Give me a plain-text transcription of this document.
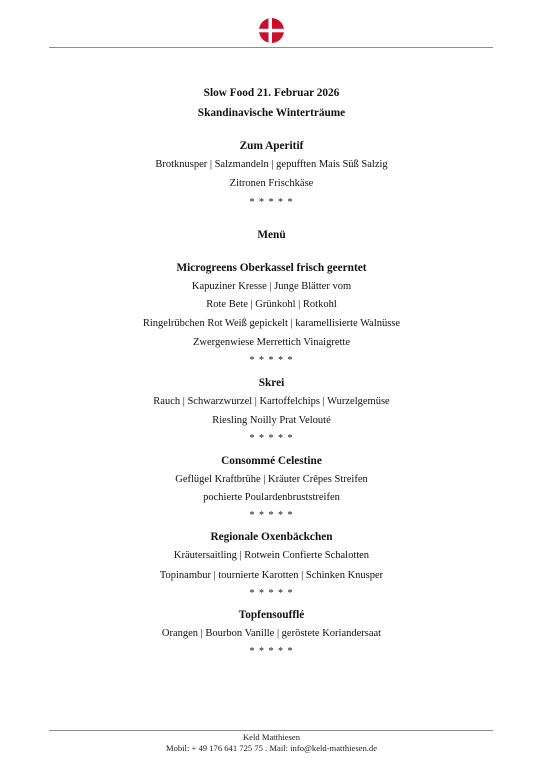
Slow Food 21. Februar 2026
Skandinavische Winterträume
Zum Aperitif
Brotknusper | Salzmandeln | gepufften Mais Süß Salzig
Zitronen Frischkäse
* * * * *
Menü
Microgreens Oberkassel frisch geerntet
Kapuziner Kresse | Junge Blätter vom
Rote Bete | Grünkohl | Rotkohl
Ringelrübchen Rot Weiß gepickelt | karamellisierte Walnüsse
Zwergenwiese Merrettich Vinaigrette
* * * * *
Skrei
Rauch | Schwarzwurzel | Kartoffelchips | Wurzelgemüse
Riesling Noilly Prat Velouté
* * * * *
Consommé Celestine
Geflügel Kraftbrühe | Kräuter Crêpes Streifen
pochierte Poulardenbruststreifen
* * * * *
Regionale Oxenbäckchen
Kräutersaitling | Rotwein Confierte Schalotten
Topinambur | tournierte Karotten | Schinken Knusper
* * * * *
Topfensoufflé
Orangen | Bourbon Vanille | geröstete Koriandersaat
* * * * *
Keld Matthiesen
Mobil: + 49 176 641 725 75 . Mail: info@keld-matthiesen.de
